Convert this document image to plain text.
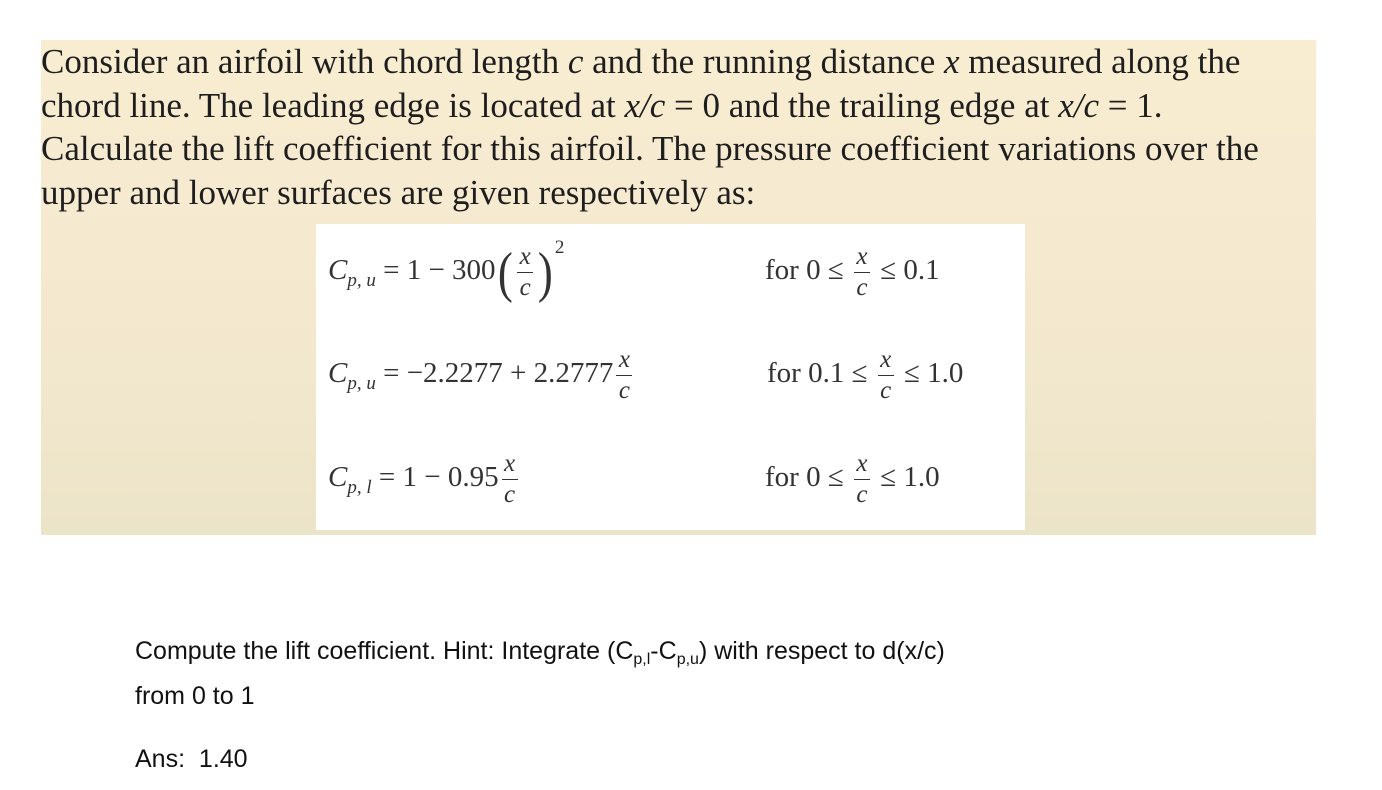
Consider an airfoil with chord length c and the running distance x measured along the
chord line. The leading edge is located at x/c = 0 and the trailing edge at x/c = 1.
Calculate the lift coefficient for this airfoil. The pressure coefficient variations over the
upper and lower surfaces are given respectively as:

$C_{p, u} = 1 - 300( \frac{x}{c} )^2$
for $0 \le \frac{x}{c} \le 0.1$
$C_{p, u} = -2.2277 + 2.2777 \frac{x}{c}$	for $0.1 \le \frac{x}{c} \le 1.0$
$C_{p, l} = 1 - 0.95 \frac{x}{c}$	for $0 \le \frac{x}{c} \le 1.0$

Compute the lift coefficient. Hint: Integrate $(C_{p,l}-C_{p,u})$ with respect to d(x/c)
from 0 to 1

Ans:  1.40
